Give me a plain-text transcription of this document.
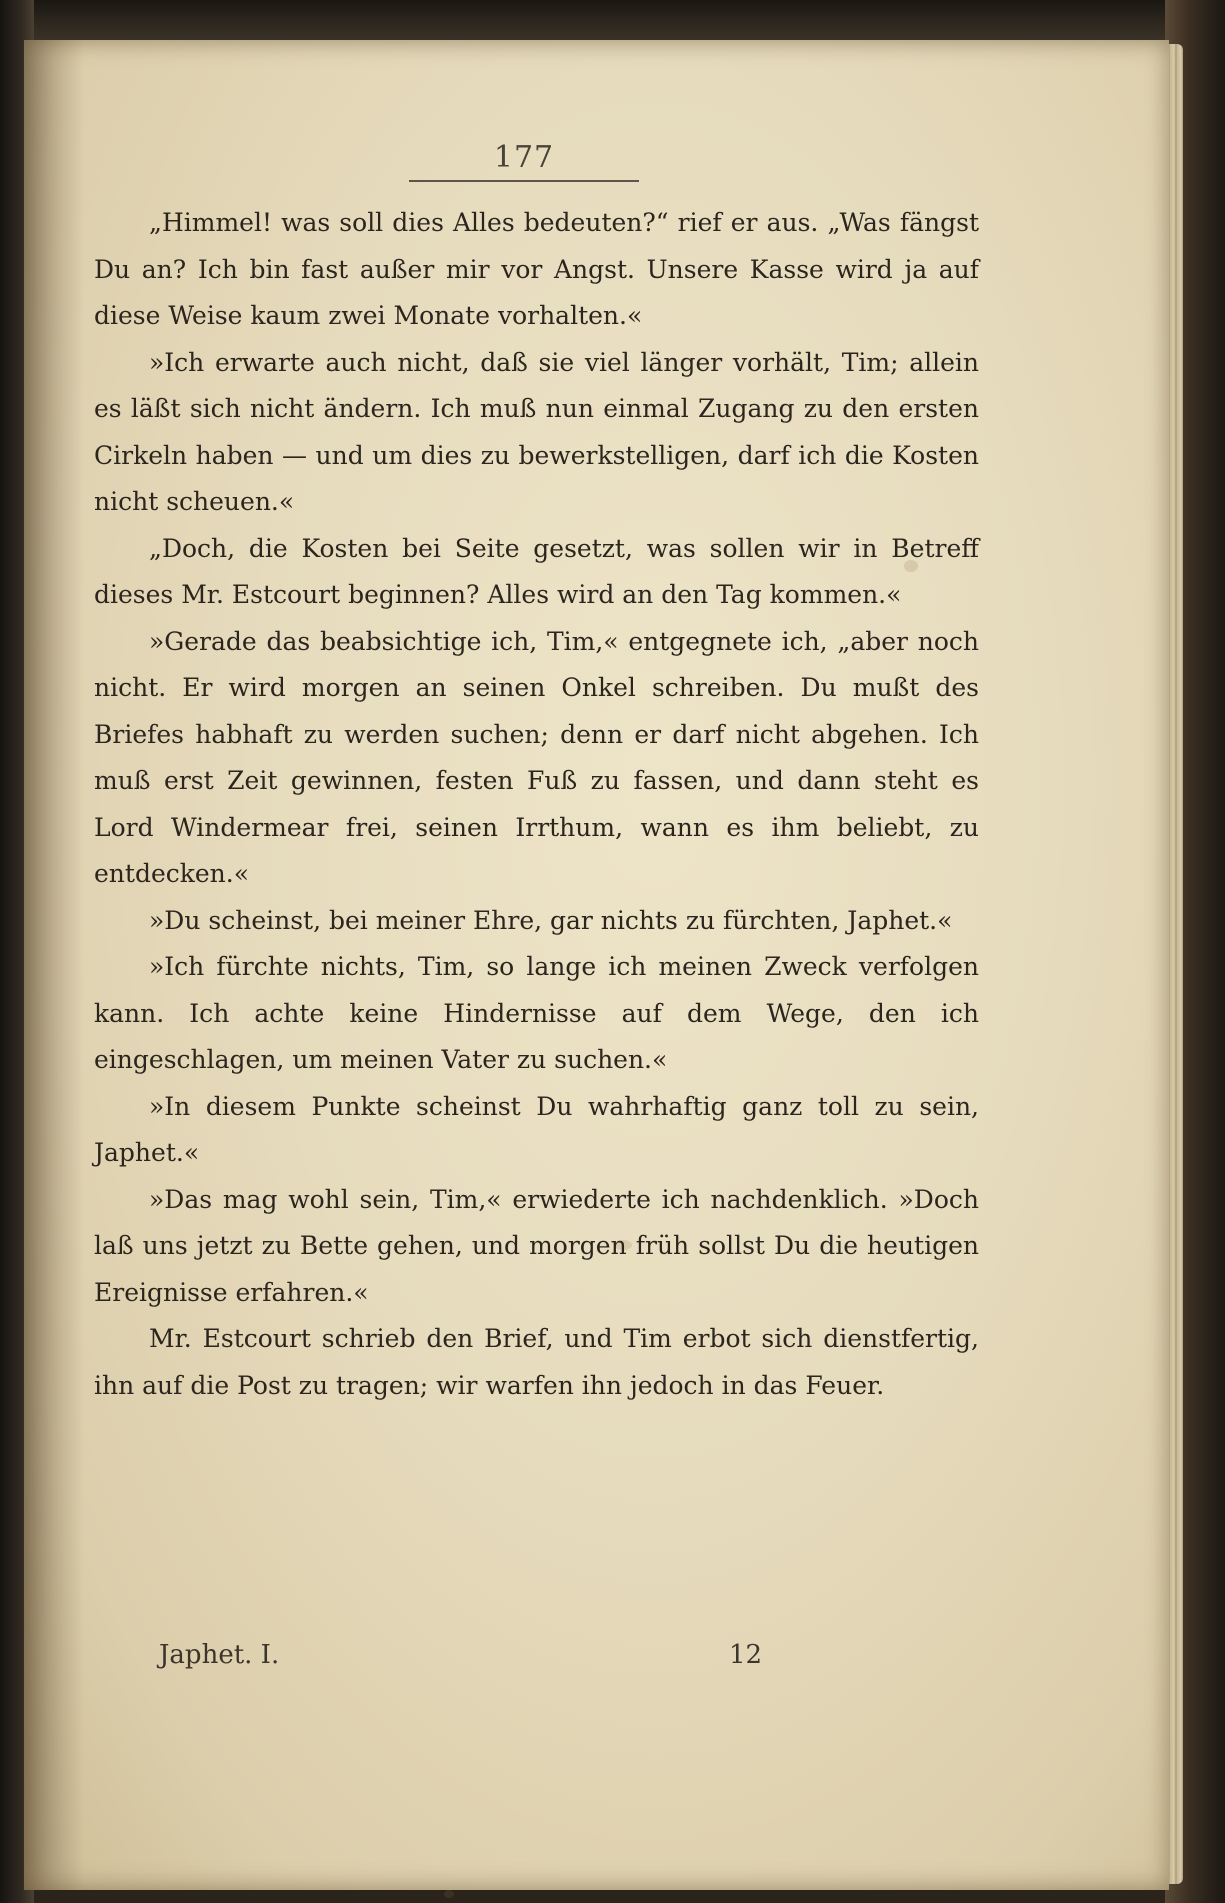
177

„Himmel! was soll dies Alles bedeuten?“ rief er aus. „Was fängst Du an? Ich bin fast außer mir vor Angst. Unsere Kasse wird ja auf diese Weise kaum zwei Monate vorhalten.«

»Ich erwarte auch nicht, daß sie viel länger vorhält, Tim; allein es läßt sich nicht ändern. Ich muß nun einmal Zugang zu den ersten Cirkeln haben — und um dies zu bewerkstelligen, darf ich die Kosten nicht scheuen.«

„Doch, die Kosten bei Seite gesetzt, was sollen wir in Betreff dieses Mr. Estcourt beginnen? Alles wird an den Tag kommen.«

»Gerade das beabsichtige ich, Tim,« entgegnete ich, „aber noch nicht. Er wird morgen an seinen Onkel schreiben. Du mußt des Briefes habhaft zu werden suchen; denn er darf nicht abgehen. Ich muß erst Zeit gewinnen, festen Fuß zu fassen, und dann steht es Lord Windermear frei, seinen Irrthum, wann es ihm beliebt, zu entdecken.«

»Du scheinst, bei meiner Ehre, gar nichts zu fürchten, Japhet.«

»Ich fürchte nichts, Tim, so lange ich meinen Zweck verfolgen kann. Ich achte keine Hindernisse auf dem Wege, den ich eingeschlagen, um meinen Vater zu suchen.«

»In diesem Punkte scheinst Du wahrhaftig ganz toll zu sein, Japhet.«

»Das mag wohl sein, Tim,« erwiederte ich nachdenklich. »Doch laß uns jetzt zu Bette gehen, und morgen früh sollst Du die heutigen Ereignisse erfahren.«

Mr. Estcourt schrieb den Brief, und Tim erbot sich dienstfertig, ihn auf die Post zu tragen; wir warfen ihn jedoch in das Feuer.

Japhet. I.	12
